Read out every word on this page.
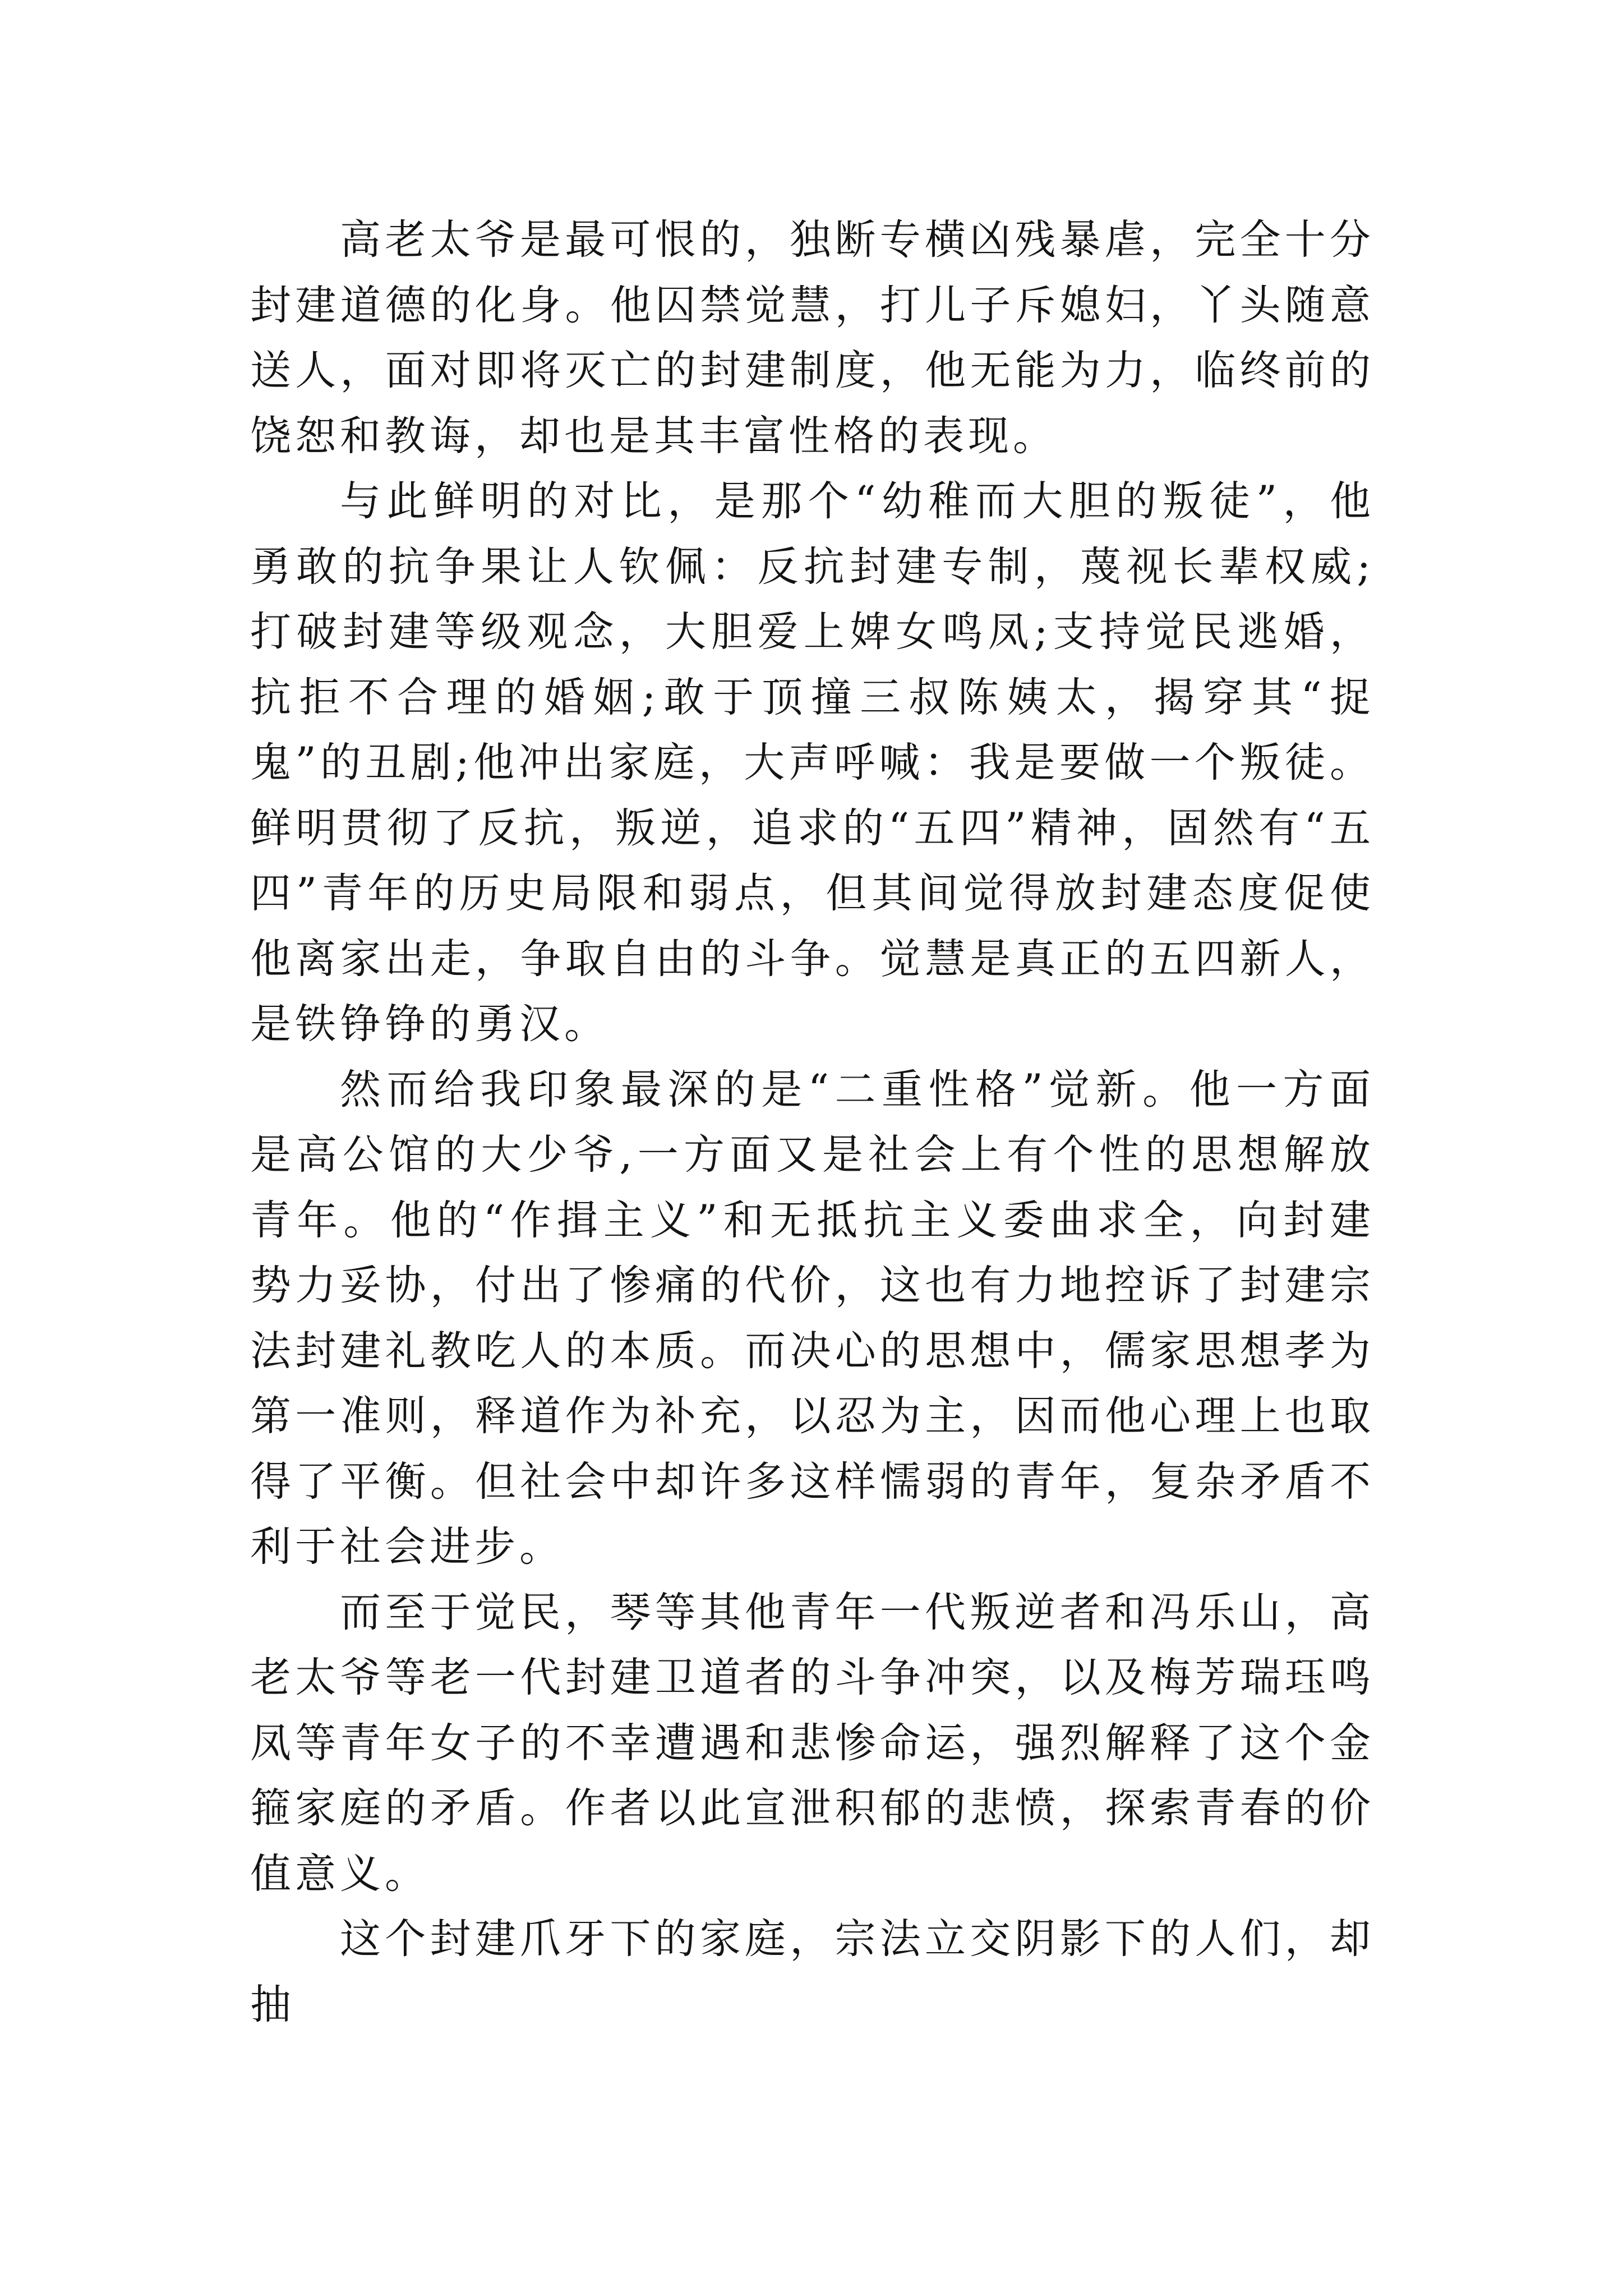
高老太爷是最可恨的，独断专横凶残暴虐，完全十分封建道德的化身。他囚禁觉慧，打儿子斥媳妇，丫头随意送人，面对即将灭亡的封建制度，他无能为力，临终前的饶恕和教诲，却也是其丰富性格的表现。

与此鲜明的对比，是那个“幼稚而大胆的叛徒”，他勇敢的抗争果让人钦佩：反抗封建专制，蔑视长辈权威;打破封建等级观念，大胆爱上婢女鸣凤;支持觉民逃婚，抗拒不合理的婚姻;敢于顶撞三叔陈姨太，揭穿其“捉鬼”的丑剧;他冲出家庭，大声呼喊：我是要做一个叛徒。鲜明贯彻了反抗，叛逆，追求的“五四”精神，固然有“五四”青年的历史局限和弱点，但其间觉得放封建态度促使他离家出走，争取自由的斗争。觉慧是真正的五四新人，是铁铮铮的勇汉。

然而给我印象最深的是“二重性格”觉新。他一方面是高公馆的大少爷,一方面又是社会上有个性的思想解放青年。他的“作揖主义”和无抵抗主义委曲求全，向封建势力妥协，付出了惨痛的代价，这也有力地控诉了封建宗法封建礼教吃人的本质。而决心的思想中，儒家思想孝为第一准则，释道作为补充，以忍为主，因而他心理上也取得了平衡。但社会中却许多这样懦弱的青年，复杂矛盾不利于社会进步。

而至于觉民，琴等其他青年一代叛逆者和冯乐山，高老太爷等老一代封建卫道者的斗争冲突，以及梅芳瑞珏鸣凤等青年女子的不幸遭遇和悲惨命运，强烈解释了这个金箍家庭的矛盾。作者以此宣泄积郁的悲愤，探索青春的价值意义。

这个封建爪牙下的家庭，宗法立交阴影下的人们，却抽
